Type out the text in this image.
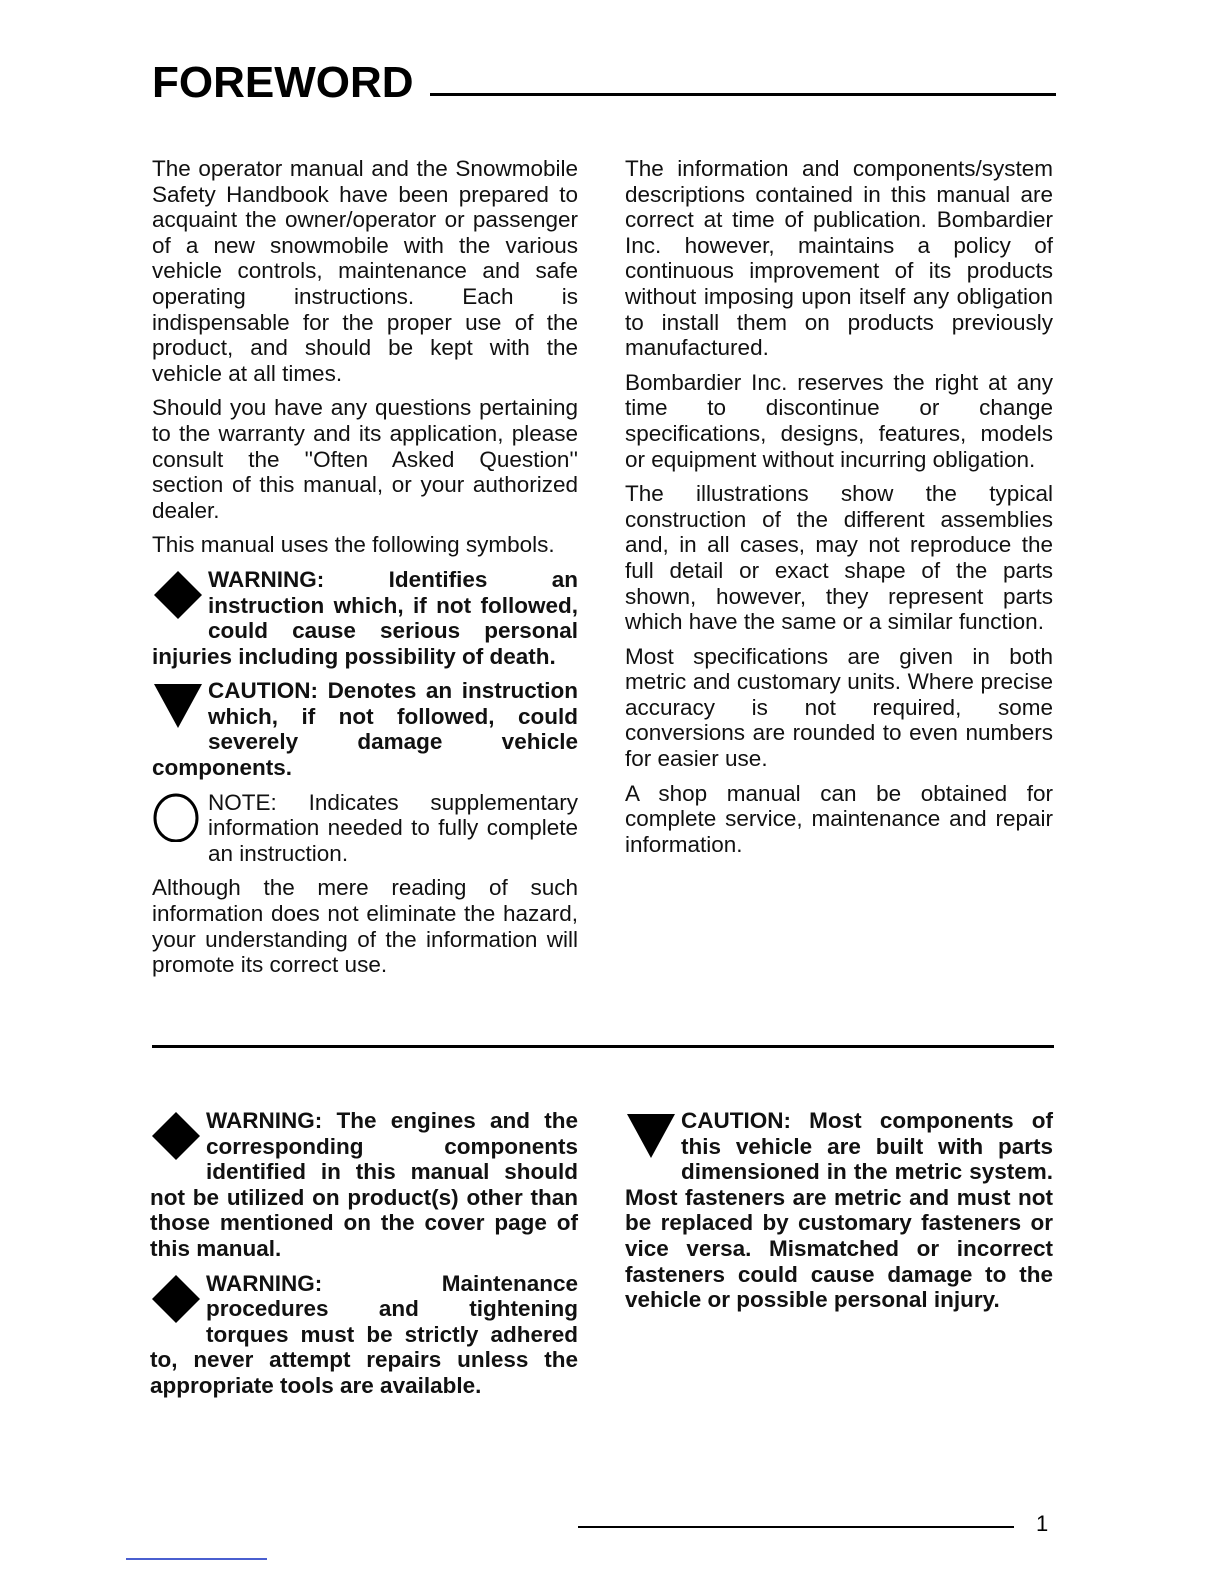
FOREWORD

The operator manual and the Snowmobile Safety Handbook have been prepared to acquaint the owner/operator or passenger of a new snowmobile with the various vehicle controls, maintenance and safe operating instructions. Each is indispensable for the proper use of the product, and should be kept with the vehicle at all times.

Should you have any questions pertaining to the warranty and its application, please consult the ''Often Asked Question'' section of this manual, or your authorized dealer.

This manual uses the following symbols.

WARNING: Identifies an instruction which, if not followed, could cause serious personal injuries including possibility of death.

CAUTION: Denotes an instruction which, if not followed, could severely damage vehicle components.

NOTE: Indicates supplementary information needed to fully complete an instruction.

Although the mere reading of such information does not eliminate the hazard, your understanding of the information will promote its correct use.

The information and components/system descriptions contained in this manual are correct at time of publication. Bombardier Inc. however, maintains a policy of continuous improvement of its products without imposing upon itself any obligation to install them on products previously manufactured.

Bombardier Inc. reserves the right at any time to discontinue or change specifications, designs, features, models or equipment without incurring obligation.

The illustrations show the typical construction of the different assemblies and, in all cases, may not reproduce the full detail or exact shape of the parts shown, however, they represent parts which have the same or a similar function.

Most specifications are given in both metric and customary units. Where precise accuracy is not required, some conversions are rounded to even numbers for easier use.

A shop manual can be obtained for complete service, maintenance and repair information.

WARNING: The engines and the corresponding components identified in this manual should not be utilized on product(s) other than those mentioned on the cover page of this manual.

WARNING: Maintenance procedures and tightening torques must be strictly adhered to, never attempt repairs unless the appropriate tools are available.

CAUTION: Most components of this vehicle are built with parts dimensioned in the metric system. Most fasteners are metric and must not be replaced by customary fasteners or vice versa. Mismatched or incorrect fasteners could cause damage to the vehicle or possible personal injury.

1
